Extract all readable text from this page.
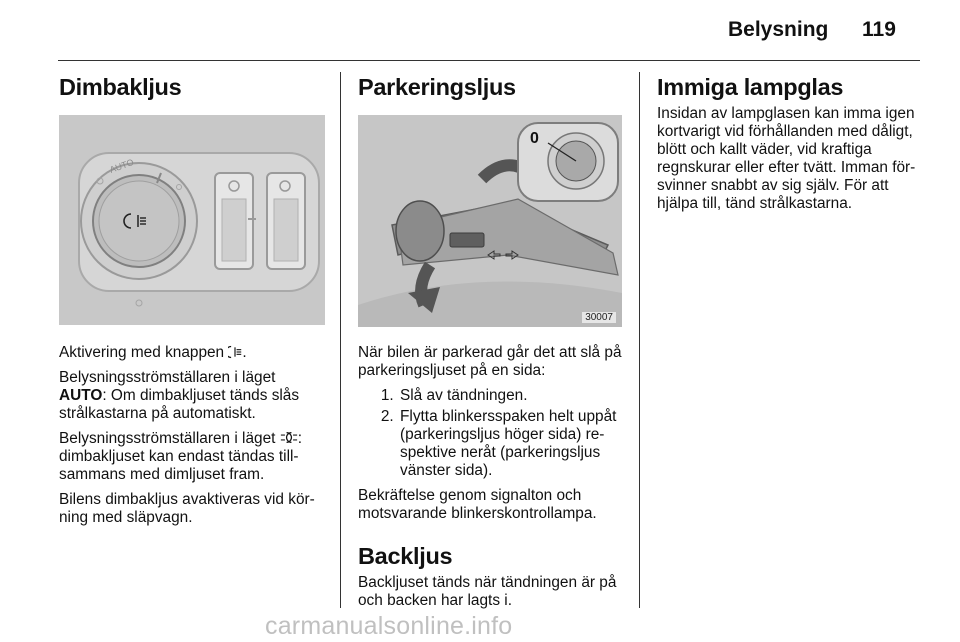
Belysning 119
Dimbakljus
AUTO

Aktivering med knappen .

Belysningsströmställaren i läget
AUTO: Om dimbakljuset tänds slås strålkastarna på automatiskt.

Belysningsströmställaren i läget : dimbakljuset kan endast tändas till-sammans med dimljuset fram.

Bilens dimbakljus avaktiveras vid kör-ning med släpvagn.

Parkeringsljus
0
30007

När bilen är parkerad går det att slå på parkeringsljuset på en sida:

1. Slå av tändningen.
2. Flytta blinkersspaken helt uppåt (parkeringsljus höger sida) re-spektive neråt (parkeringsljus vänster sida).

Bekräftelse genom signalton och motsvarande blinkerskontrollampa.

Backljus

Backljuset tänds när tändningen är på och backen har lagts i.

Immiga lampglas

Insidan av lampglasen kan imma igen kortvarigt vid förhållanden med dåligt, blött och kallt väder, vid kraftiga regnskurar eller efter tvätt. Imman för-svinner snabbt av sig själv. För att hjälpa till, tänd strålkastarna.

carmanualsonline.info
